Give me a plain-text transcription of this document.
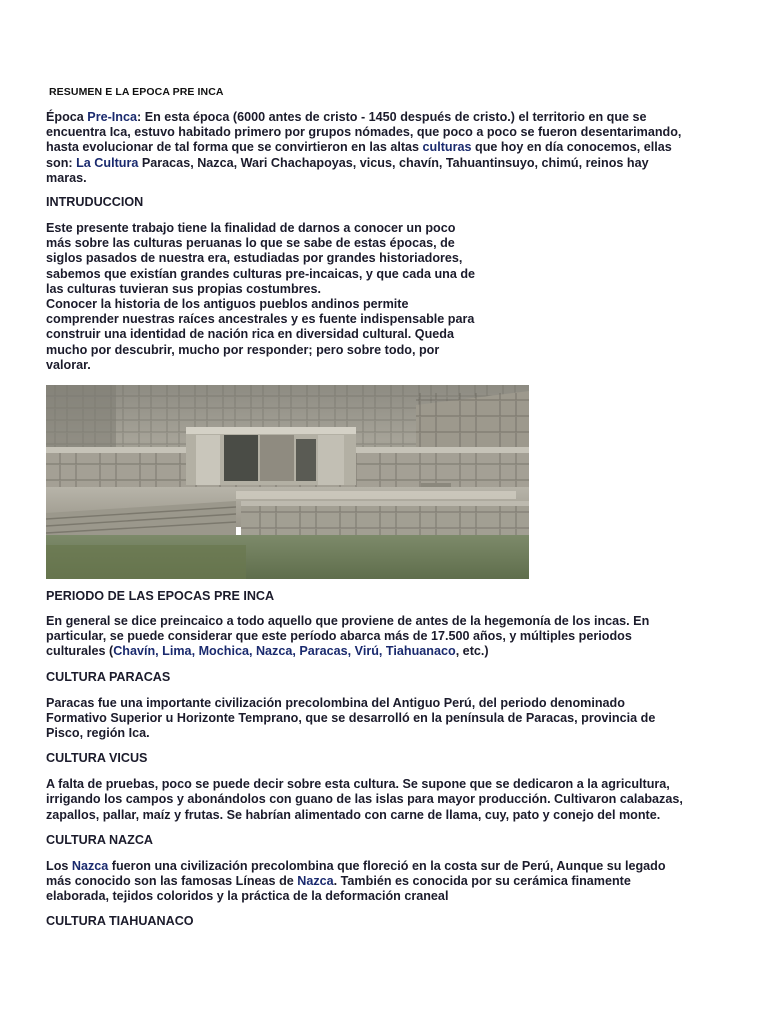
RESUMEN E LA EPOCA PRE INCA

Época Pre-Inca: En esta época (6000 antes de cristo - 1450 después de cristo.) el territorio en que se encuentra Ica, estuvo habitado primero por grupos nómades, que poco a poco se fueron desentarimando, hasta evolucionar de tal forma que se convirtieron en las altas culturas que hoy en día conocemos, ellas son: La Cultura Paracas, Nazca, Wari Chachapoyas, vicus, chavín, Tahuantinsuyo, chimú, reinos hay maras.

INTRUDUCCION

Este presente trabajo tiene la finalidad de darnos a conocer un poco más sobre las culturas peruanas lo que se sabe de estas épocas, de siglos pasados de nuestra era, estudiadas por grandes historiadores, sabemos que existían grandes culturas pre-incaicas, y que cada una de las culturas tuvieran sus propias costumbres.

Conocer la historia de los antiguos pueblos andinos permite comprender nuestras raíces ancestrales y es fuente indispensable para construir una identidad de nación rica en diversidad cultural. Queda mucho por descubrir, mucho por responder; pero sobre todo, por valorar.

PERIODO DE LAS EPOCAS PRE INCA

En general se dice preincaico a todo aquello que proviene de antes de la hegemonía de los incas. En particular, se puede considerar que este período abarca más de 17.500 años, y múltiples periodos culturales (Chavín, Lima, Mochica, Nazca, Paracas, Virú, Tiahuanaco, etc.)

CULTURA PARACAS

Paracas fue una importante civilización precolombina del Antiguo Perú, del periodo denominado Formativo Superior u Horizonte Temprano, que se desarrolló en la península de Paracas, provincia de Pisco, región Ica.

CULTURA VICUS

A falta de pruebas, poco se puede decir sobre esta cultura. Se supone que se dedicaron a la agricultura, irrigando los campos y abonándolos con guano de las islas para mayor producción. Cultivaron calabazas, zapallos, pallar, maíz y frutas. Se habrían alimentado con carne de llama, cuy, pato y conejo del monte.

CULTURA NAZCA

Los Nazca fueron una civilización precolombina que floreció en la costa sur de Perú, Aunque su legado más conocido son las famosas Líneas de Nazca. También es conocida por su cerámica finamente elaborada, tejidos coloridos y la práctica de la deformación craneal

CULTURA TIAHUANACO
